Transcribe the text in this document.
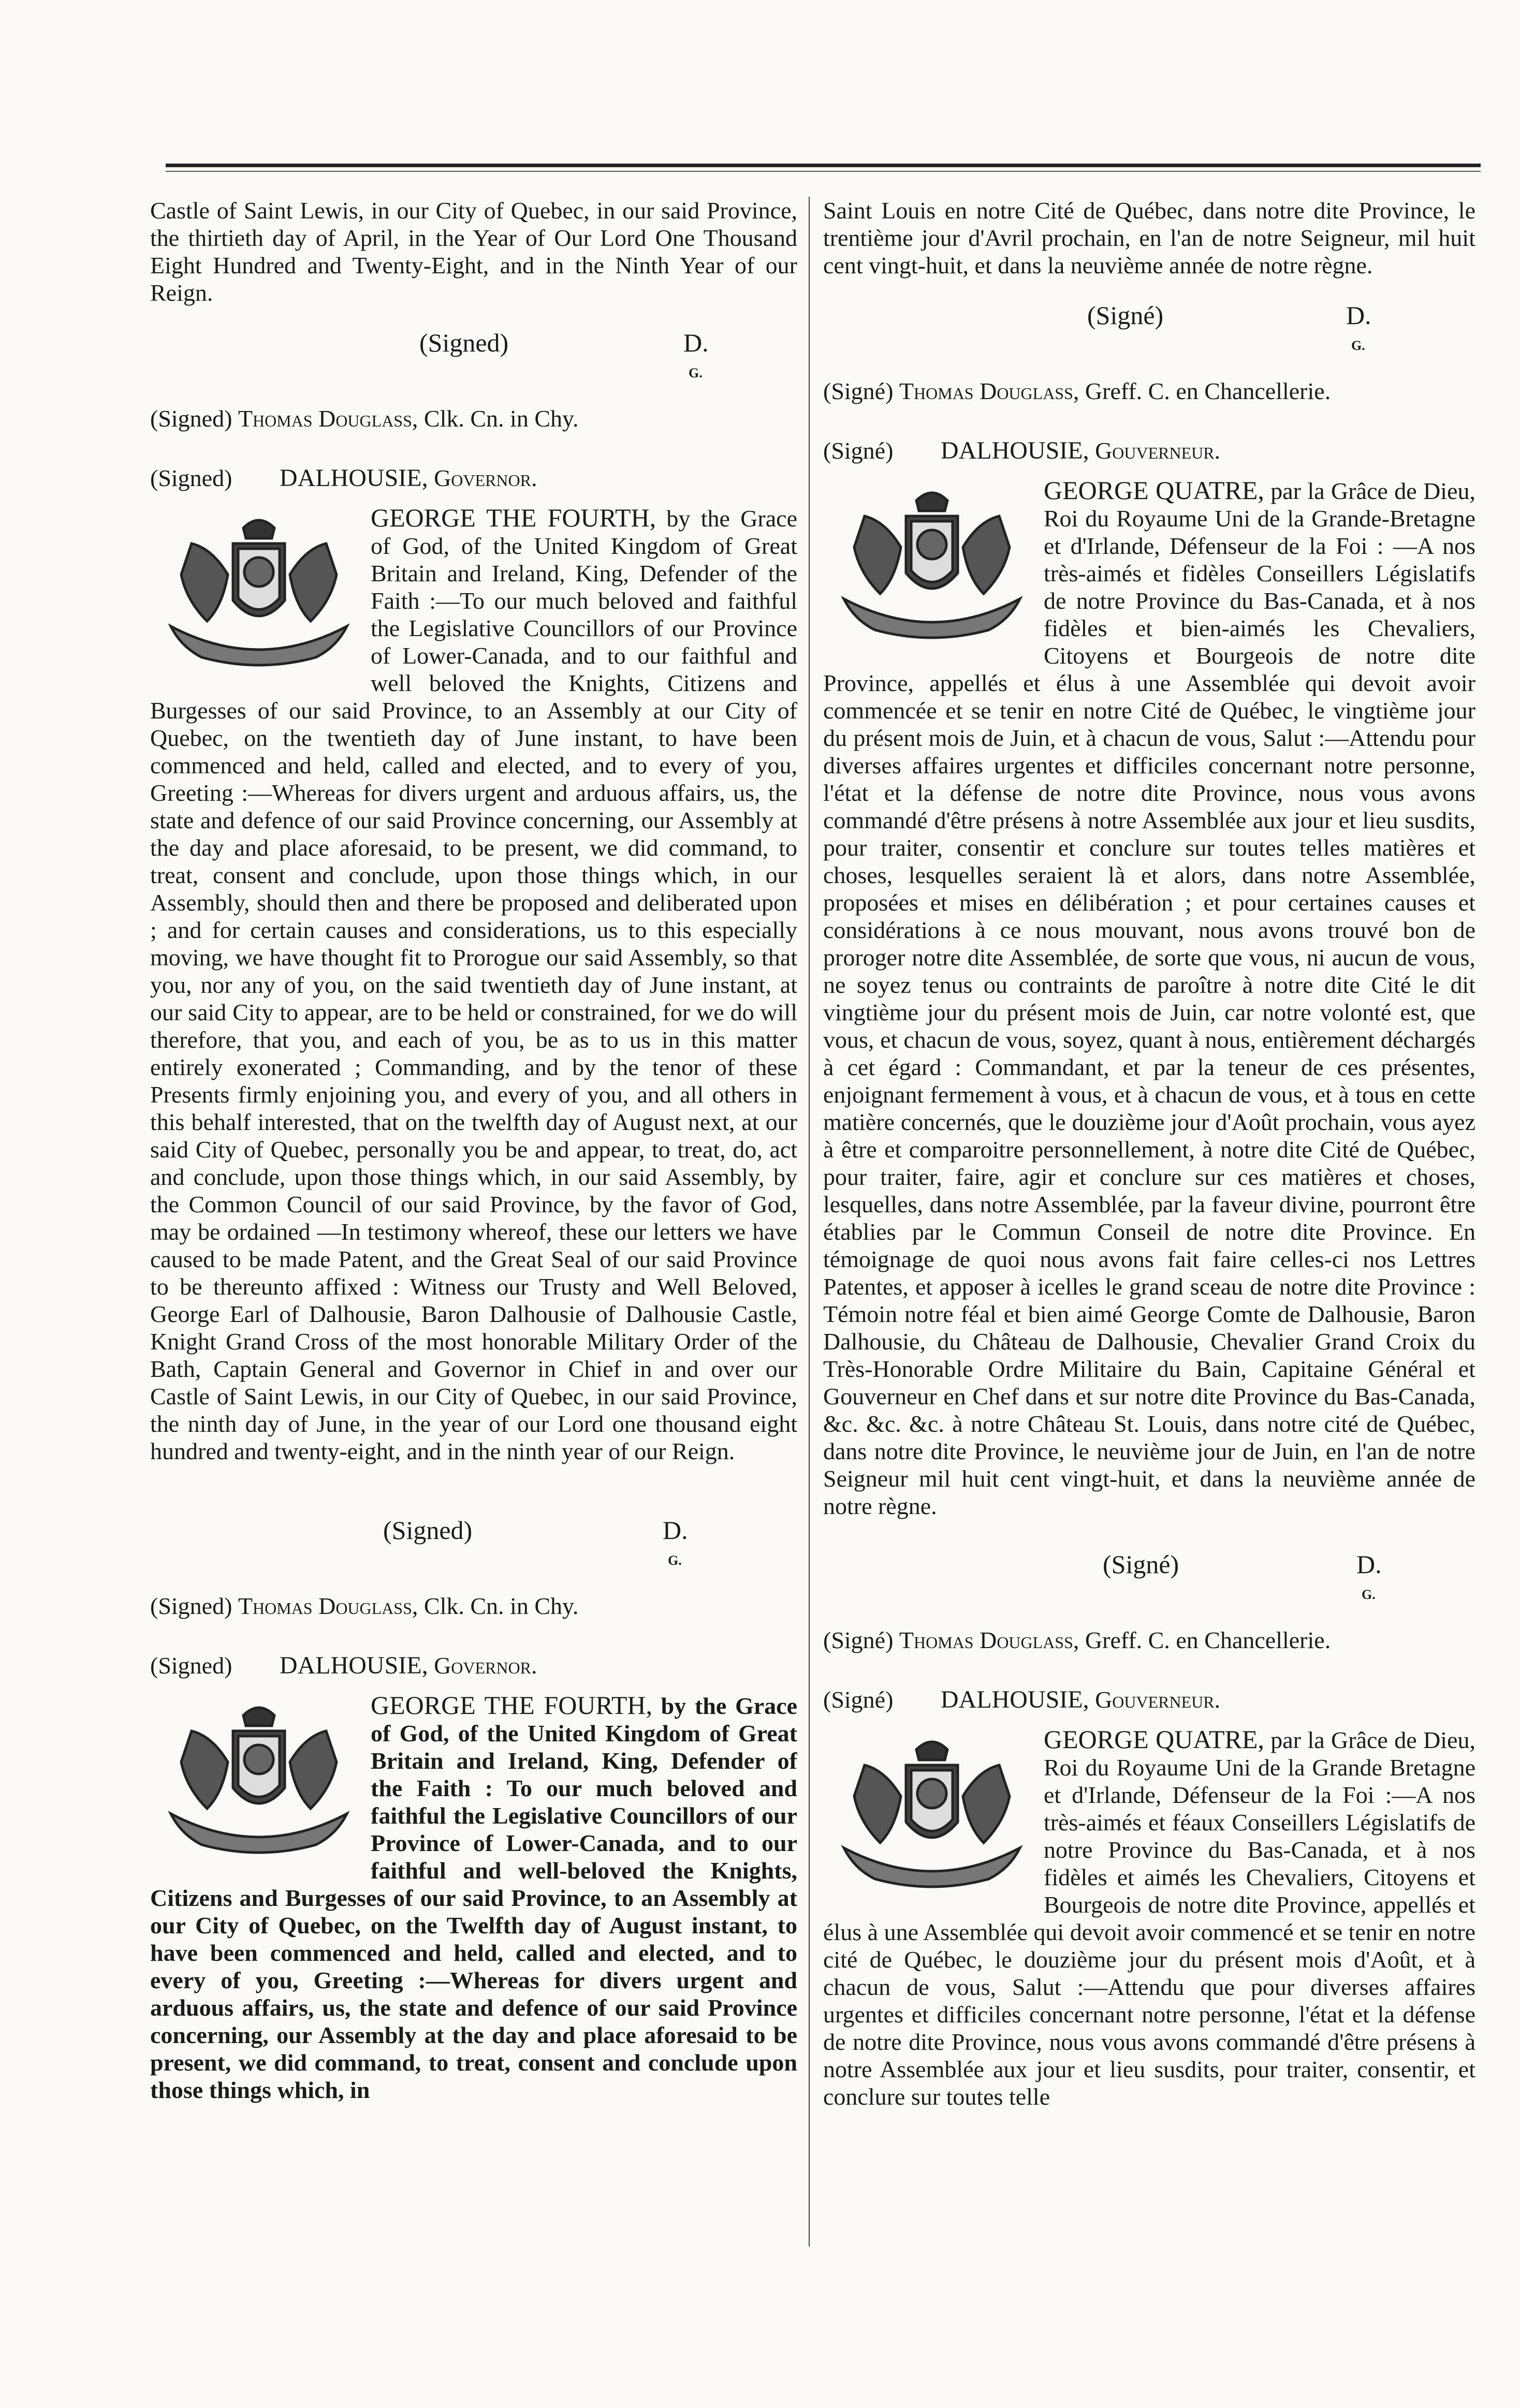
Castle of Saint Lewis, in our City of Quebec, in our said Province, the thirtieth day of April, in the Year of Our Lord One Thousand Eight Hundred and Twenty-Eight, and in the Ninth Year of our Reign.

(Signed)	D.
G.

(Signed) Thomas Douglass, Clk. Cn. in Chy.

(Signed) DALHOUSIE, Governor.

GEORGE THE FOURTH, by the Grace of God, of the United Kingdom of Great Britain and Ireland, King, Defender of the Faith :—To our much beloved and faithful the Legislative Councillors of our Province of Lower-Canada, and to our faithful and well beloved the Knights, Citizens and Burgesses of our said Province, to an Assembly at our City of Quebec, on the twentieth day of June instant, to have been commenced and held, called and elected, and to every of you, Greeting :—Whereas for divers urgent and arduous affairs, us, the state and defence of our said Province concerning, our Assembly at the day and place aforesaid, to be present, we did command, to treat, consent and conclude, upon those things which, in our Assembly, should then and there be proposed and deliberated upon ; and for certain causes and considerations, us to this especially moving, we have thought fit to Prorogue our said Assembly, so that you, nor any of you, on the said twentieth day of June instant, at our said City to appear, are to be held or constrained, for we do will therefore, that you, and each of you, be as to us in this matter entirely exonerated ; Commanding, and by the tenor of these Presents firmly enjoining you, and every of you, and all others in this behalf interested, that on the twelfth day of August next, at our said City of Quebec, personally you be and appear, to treat, do, act and conclude, upon those things which, in our said Assembly, by the Common Council of our said Province, by the favor of God, may be ordained —In testimony whereof, these our letters we have caused to be made Patent, and the Great Seal of our said Province to be thereunto affixed : Witness our Trusty and Well Beloved, George Earl of Dalhousie, Baron Dalhousie of Dalhousie Castle, Knight Grand Cross of the most honorable Military Order of the Bath, Captain General and Governor in Chief in and over our Castle of Saint Lewis, in our City of Quebec, in our said Province, the ninth day of June, in the year of our Lord one thousand eight hundred and twenty-eight, and in the ninth year of our Reign.

(Signed)	D.
G.

(Signed) Thomas Douglass, Clk. Cn. in Chy.

(Signed) DALHOUSIE, Governor.

GEORGE THE FOURTH, by the Grace of God, of the United Kingdom of Great Britain and Ireland, King, Defender of the Faith : To our much beloved and faithful the Legislative Councillors of our Province of Lower-Canada, and to our faithful and well-beloved the Knights, Citizens and Burgesses of our said Province, to an Assembly at our City of Quebec, on the Twelfth day of August instant, to have been commenced and held, called and elected, and to every of you, Greeting :—Whereas for divers urgent and arduous affairs, us, the state and defence of our said Province concerning, our Assembly at the day and place aforesaid to be present, we did command, to treat, consent and conclude upon those things which, in

Saint Louis en notre Cité de Québec, dans notre dite Province, le trentième jour d'Avril prochain, en l'an de notre Seigneur, mil huit cent vingt-huit, et dans la neuvième année de notre règne.

(Signé)	D.
G.

(Signé) Thomas Douglass, Greff. C. en Chancellerie.

(Signé) DALHOUSIE, Gouverneur.

GEORGE QUATRE, par la Grâce de Dieu, Roi du Royaume Uni de la Grande-Bretagne et d'Irlande, Défenseur de la Foi : —A nos très-aimés et fidèles Conseillers Législatifs de notre Province du Bas-Canada, et à nos fidèles et bien-aimés les Chevaliers, Citoyens et Bourgeois de notre dite Province, appellés et élus à une Assemblée qui devoit avoir commencée et se tenir en notre Cité de Québec, le vingtième jour du présent mois de Juin, et à chacun de vous, Salut :—Attendu pour diverses affaires urgentes et difficiles concernant notre personne, l'état et la défense de notre dite Province, nous vous avons commandé d'être présens à notre Assemblée aux jour et lieu susdits, pour traiter, consentir et conclure sur toutes telles matières et choses, lesquelles seraient là et alors, dans notre Assemblée, proposées et mises en délibération ; et pour certaines causes et considérations à ce nous mouvant, nous avons trouvé bon de proroger notre dite Assemblée, de sorte que vous, ni aucun de vous, ne soyez tenus ou contraints de paroître à notre dite Cité le dit vingtième jour du présent mois de Juin, car notre volonté est, que vous, et chacun de vous, soyez, quant à nous, entièrement déchargés à cet égard : Commandant, et par la teneur de ces présentes, enjoignant fermement à vous, et à chacun de vous, et à tous en cette matière concernés, que le douzième jour d'Août prochain, vous ayez à être et comparoitre personnellement, à notre dite Cité de Québec, pour traiter, faire, agir et conclure sur ces matières et choses, lesquelles, dans notre Assemblée, par la faveur divine, pourront être établies par le Commun Conseil de notre dite Province. En témoignage de quoi nous avons fait faire celles-ci nos Lettres Patentes, et apposer à icelles le grand sceau de notre dite Province : Témoin notre féal et bien aimé George Comte de Dalhousie, Baron Dalhousie, du Château de Dalhousie, Chevalier Grand Croix du Très-Honorable Ordre Militaire du Bain, Capitaine Général et Gouverneur en Chef dans et sur notre dite Province du Bas-Canada, &c. &c. &c. à notre Château St. Louis, dans notre cité de Québec, dans notre dite Province, le neuvième jour de Juin, en l'an de notre Seigneur mil huit cent vingt-huit, et dans la neuvième année de notre règne.

(Signé)	D.
G.

(Signé) Thomas Douglass, Greff. C. en Chancellerie.

(Signé) DALHOUSIE, Gouverneur.

GEORGE QUATRE, par la Grâce de Dieu, Roi du Royaume Uni de la Grande Bretagne et d'Irlande, Défenseur de la Foi :—A nos très-aimés et féaux Conseillers Législatifs de notre Province du Bas-Canada, et à nos fidèles et aimés les Chevaliers, Citoyens et Bourgeois de notre dite Province, appellés et élus à une Assemblée qui devoit avoir commencé et se tenir en notre cité de Québec, le douzième jour du présent mois d'Août, et à chacun de vous, Salut :—Attendu que pour diverses affaires urgentes et difficiles concernant notre personne, l'état et la défense de notre dite Province, nous vous avons commandé d'être présens à notre Assemblée aux jour et lieu susdits, pour traiter, consentir, et conclure sur toutes telle
